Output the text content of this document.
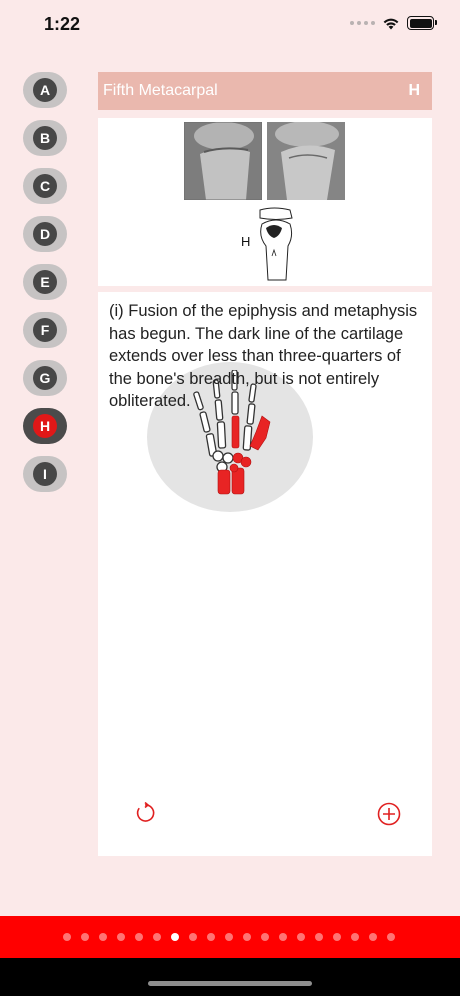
1:22
A
B
C
D
E
F
G
H
I
Fifth Metacarpal	H
H

(i) Fusion of the epiphysis and metaphysis has begun. The dark line of the cartilage extends over less than three-quarters of the bone's breadth, but is not entirely obliterated.
